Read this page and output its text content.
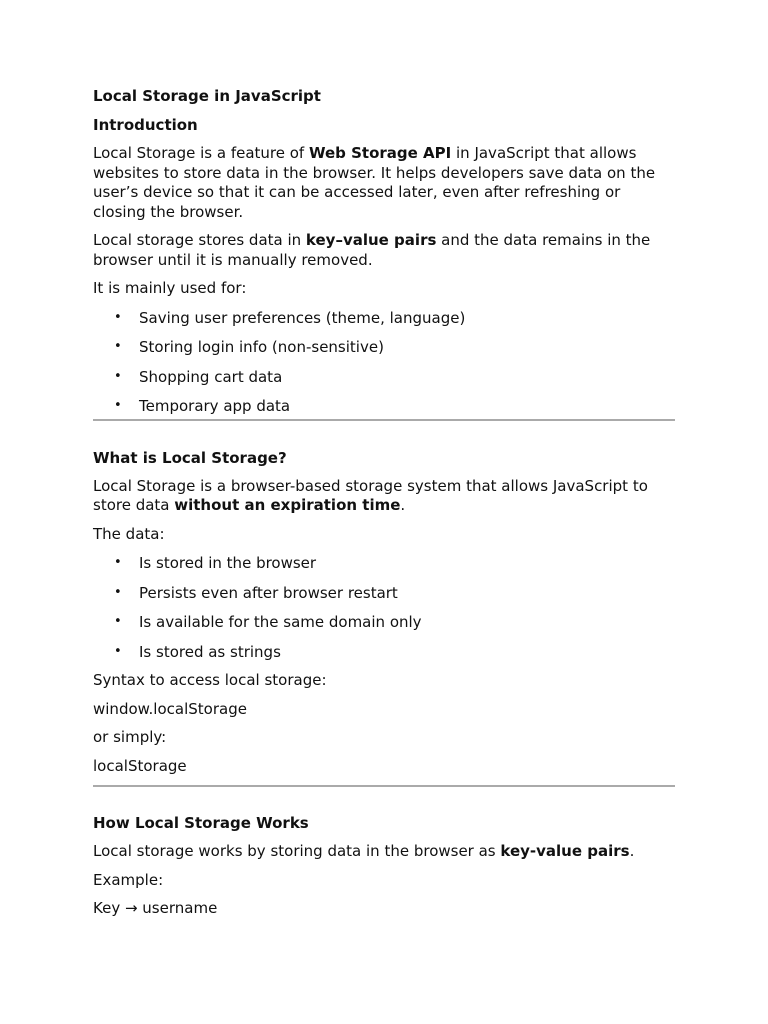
Local Storage in JavaScript
Introduction

Local Storage is a feature of Web Storage API in JavaScript that allows websites to store data in the browser. It helps developers save data on the user’s device so that it can be accessed later, even after refreshing or closing the browser.

Local storage stores data in key–value pairs and the data remains in the browser until it is manually removed.

It is mainly used for:

• Saving user preferences (theme, language)
• Storing login info (non-sensitive)
• Shopping cart data
• Temporary app data
What is Local Storage?

Local Storage is a browser-based storage system that allows JavaScript to store data without an expiration time.

The data:

• Is stored in the browser
• Persists even after browser restart
• Is available for the same domain only
• Is stored as strings

Syntax to access local storage:

window.localStorage

or simply:

localStorage

How Local Storage Works

Local storage works by storing data in the browser as key-value pairs.

Example:

Key → username
